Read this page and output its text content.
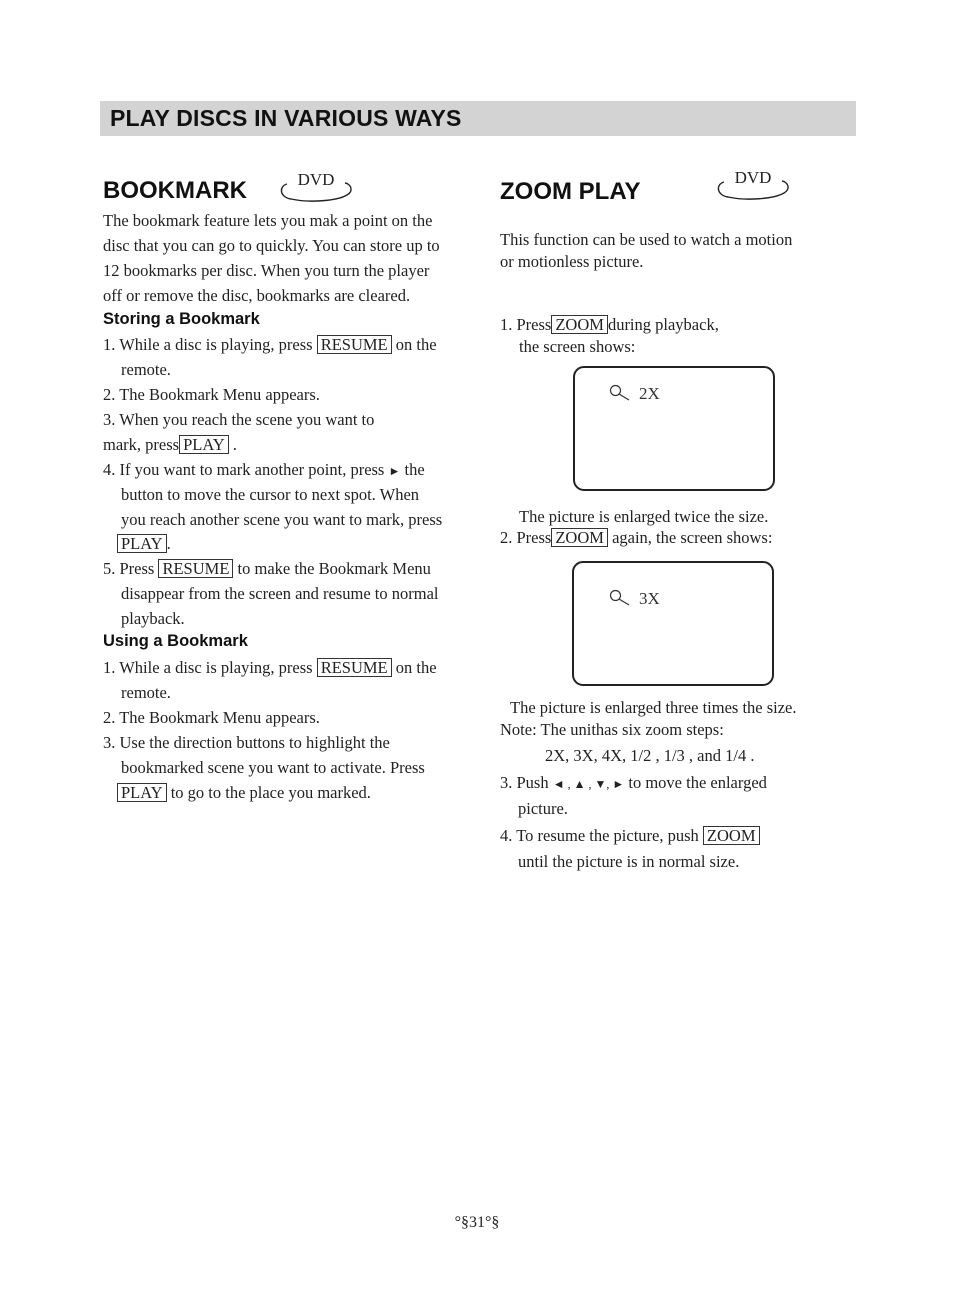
PLAY DISCS IN VARIOUS WAYS
BOOKMARK	DVD
The bookmark feature lets you mak a point on the
disc that you can go to quickly. You can store up to
12 bookmarks per disc. When you turn the player
off or remove the disc, bookmarks are cleared.
Storing a Bookmark
1. While a disc is playing, press RESUME on the
remote.
2. The Bookmark Menu appears.
3. When you reach the scene you want to
mark, press PLAY .
4. If you want to mark another point, press ► the
button to move the cursor to next spot. When
you reach another scene you want to mark, press
PLAY .
5. Press RESUME to make the Bookmark Menu
disappear from the screen and resume to normal
playback.
Using a Bookmark
1. While a disc is playing, press RESUME on the
remote.
2. The Bookmark Menu appears.
3. Use the direction buttons to highlight the
bookmarked scene you want to activate. Press
PLAY to go to the place you marked.
ZOOM PLAY
DVD
This function can be used to watch a motion
or motionless picture.
1. Press ZOOM during playback,
the screen shows:
2X
The picture is enlarged twice the size.
2. Press ZOOM again, the screen shows:
3X
The picture is enlarged three times the size.
Note: The unithas six zoom steps:
2X, 3X, 4X, 1/2 , 1/3 , and 1/4 .
3. Push ◄ , ▲ , ▼, ► to move the enlarged
picture.
4. To resume the picture, push ZOOM
until the picture is in normal size.
°§31°§
